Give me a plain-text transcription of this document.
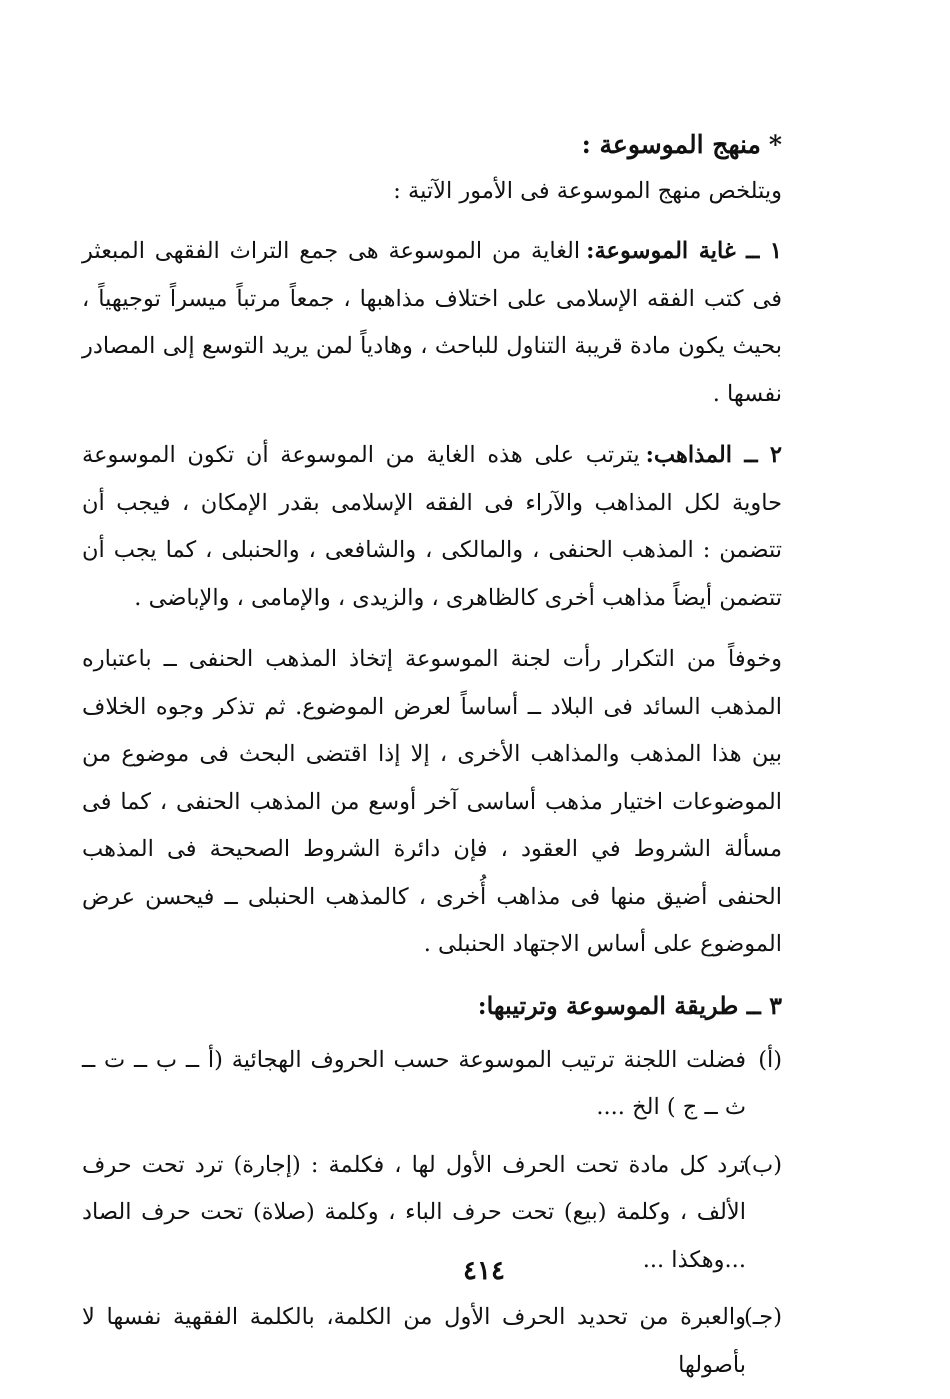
*منهج الموسوعة :
ويتلخص منهج الموسوعة فى الأمور الآتية :

١ ــ غاية الموسوعة:الغاية من الموسوعة هى جمع التراث الفقهى المبعثر فى كتب الفقه الإسلامى على اختلاف مذاهبها ، جمعاً مرتباً ميسراً توجيهياً ، بحيث يكون مادة قريبة التناول للباحث ، وهادياً لمن يريد التوسع إلى المصادر نفسها .

٢ ــ المذاهب:يترتب على هذه الغاية من الموسوعة أن تكون الموسوعة حاوية لكل المذاهب والآراء فى الفقه الإسلامى بقدر الإمكان ، فيجب أن تتضمن : المذهب الحنفى ، والمالكى ، والشافعى ، والحنبلى ، كما يجب أن تتضمن أيضاً مذاهب أخرى كالظاهرى ، والزيدى ، والإمامى ، والإباضى .

وخوفاً من التكرار رأت لجنة الموسوعة إتخاذ المذهب الحنفى ــ باعتباره المذهب السائد فى البلاد ــ أساساً لعرض الموضوع. ثم تذكر وجوه الخلاف بين هذا المذهب والمذاهب الأخرى ، إلا إذا اقتضى البحث فى موضوع من الموضوعات اختيار مذهب أساسى آخر أوسع من المذهب الحنفى ، كما فى مسألة الشروط في العقود ، فإن دائرة الشروط الصحيحة فى المذهب الحنفى أضيق منها فى مذاهب أُخرى ، كالمذهب الحنبلى ــ فيحسن عرض الموضوع على أساس الاجتهاد الحنبلى .

٣ ــ طريقة الموسوعة وترتيبها:

(أ)فضلت اللجنة ترتيب الموسوعة حسب الحروف الهجائية (أ ــ ب ــ ت ــ ث ــ ج ) الخ ....

(ب)ترد كل مادة تحت الحرف الأول لها ، فكلمة : (إجارة) ترد تحت حرف الألف ، وكلمة (بيع) تحت حرف الباء ، وكلمة (صلاة) تحت حرف الصاد ...وهكذا ...

(جـ)والعبرة من تحديد الحرف الأول من الكلمة، بالكلمة الفقهية نفسها لا بأصولها

٤١٤
